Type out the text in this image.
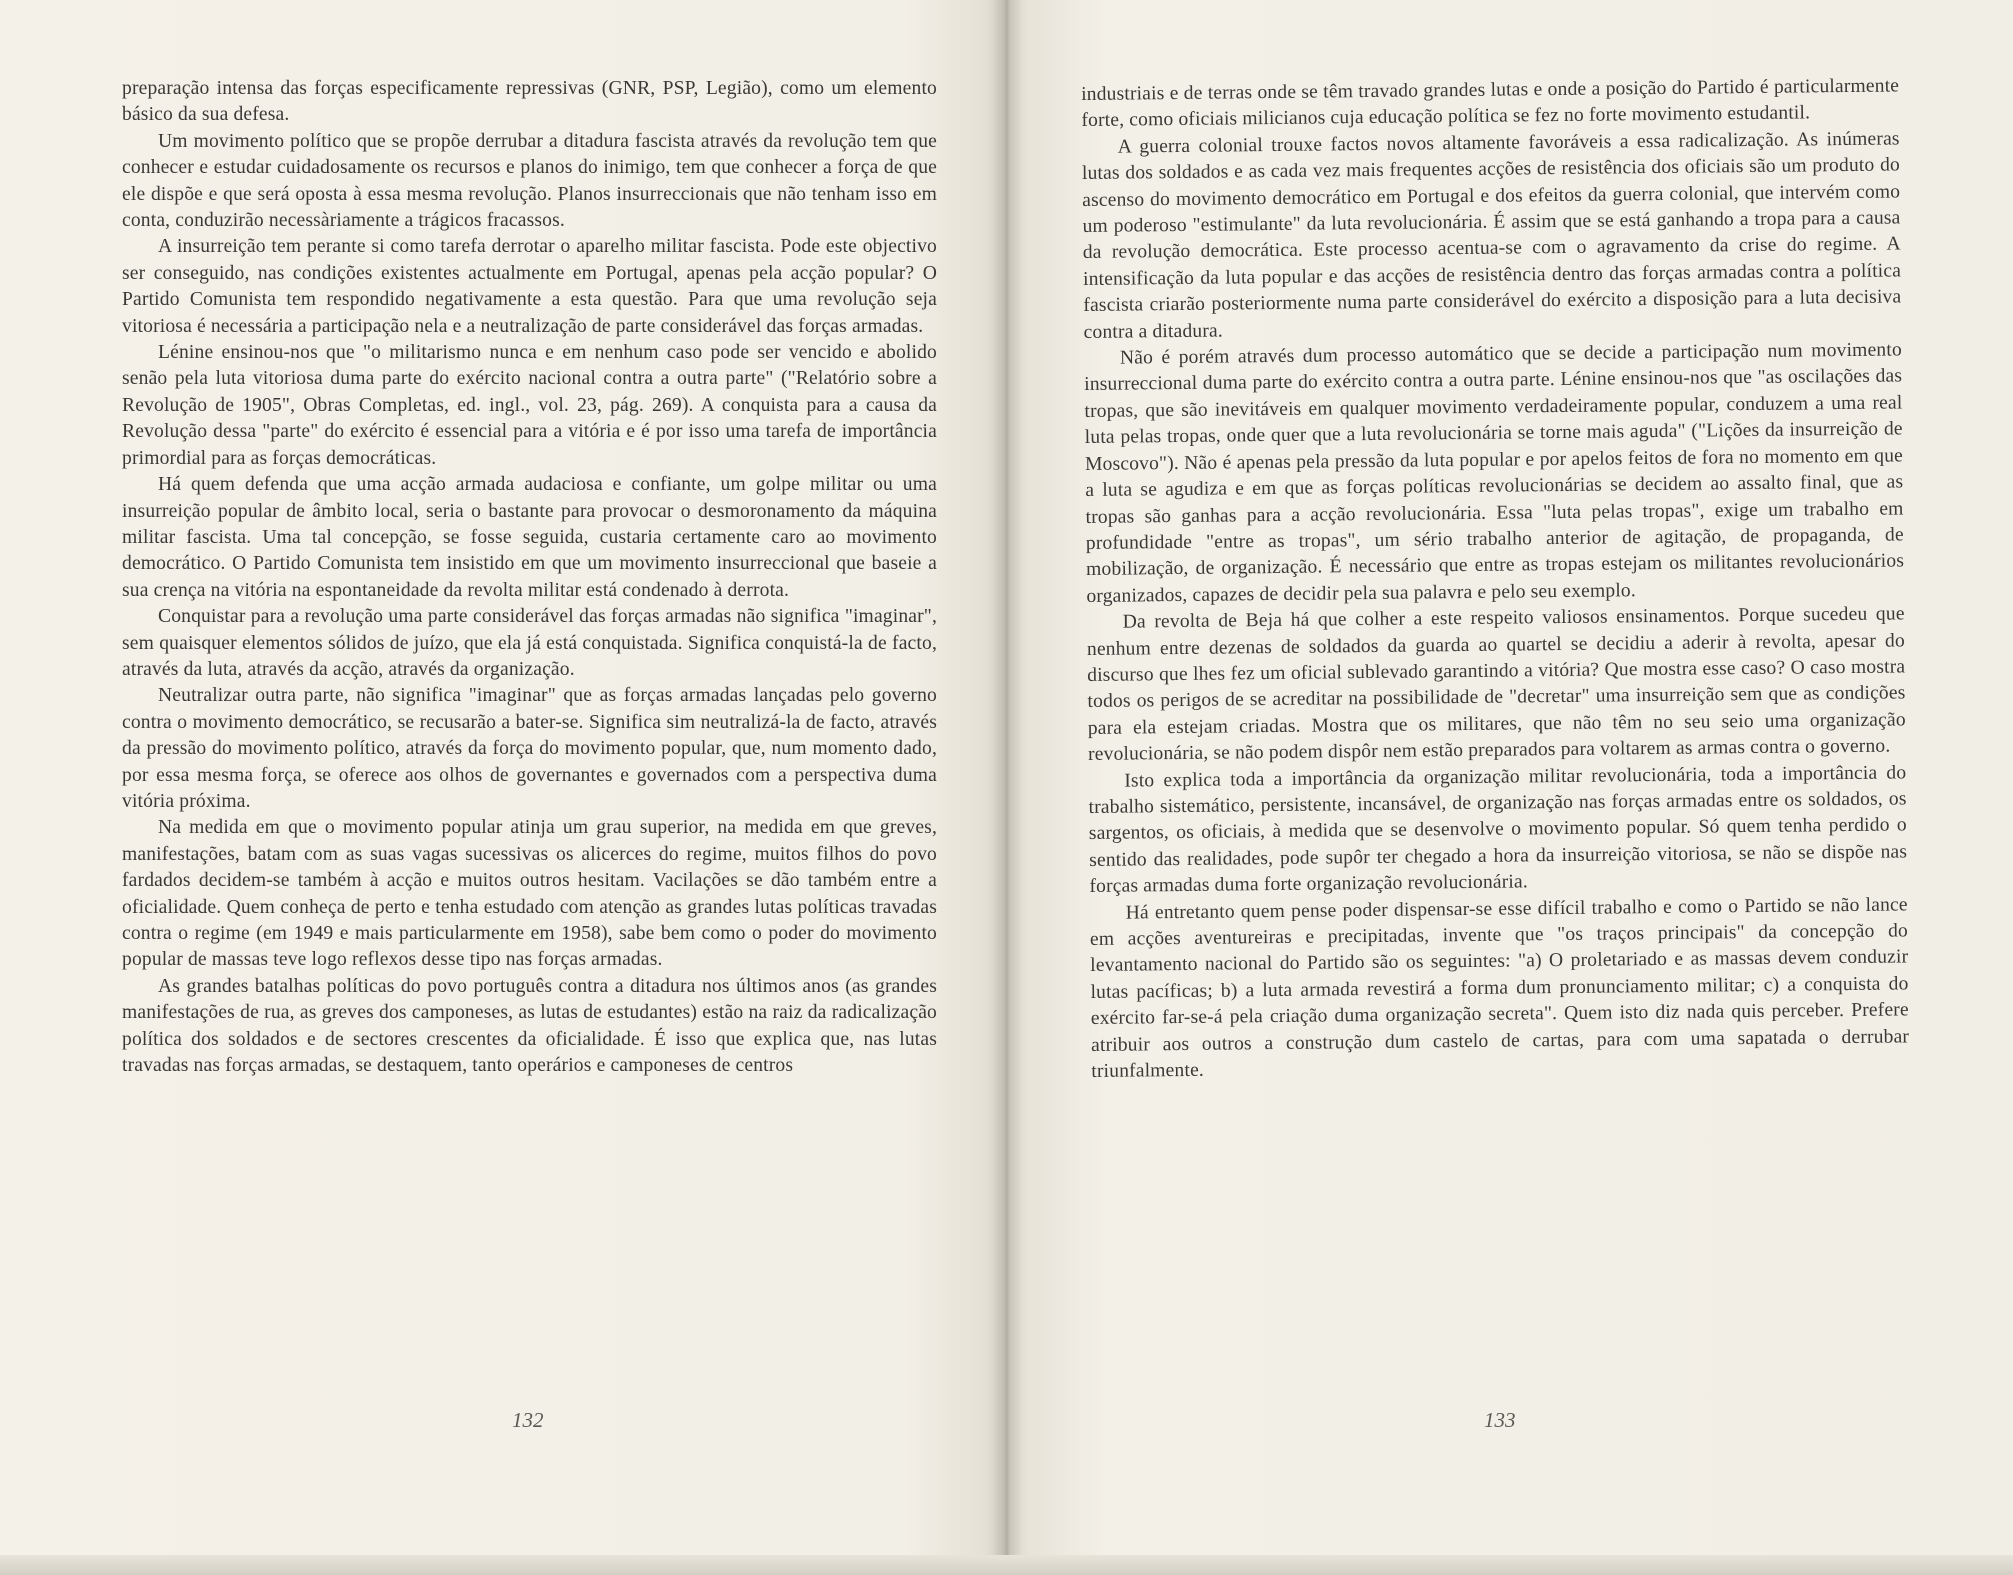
preparação intensa das forças especificamente repressivas (GNR, PSP, Legião), como um elemento básico da sua defesa.

Um movimento político que se propõe derrubar a ditadura fascista através da revolução tem que conhecer e estudar cuidadosamente os recursos e planos do inimigo, tem que conhecer a força de que ele dispõe e que será oposta à essa mesma revolução. Planos insurreccionais que não tenham isso em conta, conduzirão necessàriamente a trágicos fracassos.

A insurreição tem perante si como tarefa derrotar o aparelho militar fascista. Pode este objectivo ser conseguido, nas condições existentes actualmente em Portugal, apenas pela acção popular? O Partido Comunista tem respondido negativamente a esta questão. Para que uma revolução seja vitoriosa é necessária a participação nela e a neutralização de parte considerável das forças armadas.

Lénine ensinou-nos que "o militarismo nunca e em nenhum caso pode ser vencido e abolido senão pela luta vitoriosa duma parte do exército nacional contra a outra parte" ("Relatório sobre a Revolução de 1905", Obras Completas, ed. ingl., vol. 23, pág. 269). A conquista para a causa da Revolução dessa "parte" do exército é essencial para a vitória e é por isso uma tarefa de importância primordial para as forças democráticas.

Há quem defenda que uma acção armada audaciosa e confiante, um golpe militar ou uma insurreição popular de âmbito local, seria o bastante para provocar o desmoronamento da máquina militar fascista. Uma tal concepção, se fosse seguida, custaria certamente caro ao movimento democrático. O Partido Comunista tem insistido em que um movimento insurreccional que baseie a sua crença na vitória na espontaneidade da revolta militar está condenado à derrota.

Conquistar para a revolução uma parte considerável das forças armadas não significa "imaginar", sem quaisquer elementos sólidos de juízo, que ela já está conquistada. Significa conquistá-la de facto, através da luta, através da acção, através da organização.

Neutralizar outra parte, não significa "imaginar" que as forças armadas lançadas pelo governo contra o movimento democrático, se recusarão a bater-se. Significa sim neutralizá-la de facto, através da pressão do movimento político, através da força do movimento popular, que, num momento dado, por essa mesma força, se oferece aos olhos de governantes e governados com a perspectiva duma vitória próxima.

Na medida em que o movimento popular atinja um grau superior, na medida em que greves, manifestações, batam com as suas vagas sucessivas os alicerces do regime, muitos filhos do povo fardados decidem-se também à acção e muitos outros hesitam. Vacilações se dão também entre a oficialidade. Quem conheça de perto e tenha estudado com atenção as grandes lutas políticas travadas contra o regime (em 1949 e mais particularmente em 1958), sabe bem como o poder do movimento popular de massas teve logo reflexos desse tipo nas forças armadas.

As grandes batalhas políticas do povo português contra a ditadura nos últimos anos (as grandes manifestações de rua, as greves dos camponeses, as lutas de estudantes) estão na raiz da radicalização política dos soldados e de sectores crescentes da oficialidade. É isso que explica que, nas lutas travadas nas forças armadas, se destaquem, tanto operários e camponeses de centros

132

industriais e de terras onde se têm travado grandes lutas e onde a posição do Partido é particularmente forte, como oficiais milicianos cuja educação política se fez no forte movimento estudantil.

A guerra colonial trouxe factos novos altamente favoráveis a essa radicalização. As inúmeras lutas dos soldados e as cada vez mais frequentes acções de resistência dos oficiais são um produto do ascenso do movimento democrático em Portugal e dos efeitos da guerra colonial, que intervém como um poderoso "estimulante" da luta revolucionária. É assim que se está ganhando a tropa para a causa da revolução democrática. Este processo acentua-se com o agravamento da crise do regime. A intensificação da luta popular e das acções de resistência dentro das forças armadas contra a política fascista criarão posteriormente numa parte considerável do exército a disposição para a luta decisiva contra a ditadura.

Não é porém através dum processo automático que se decide a participação num movimento insurreccional duma parte do exército contra a outra parte. Lénine ensinou-nos que "as oscilações das tropas, que são inevitáveis em qualquer movimento verdadeiramente popular, conduzem a uma real luta pelas tropas, onde quer que a luta revolucionária se torne mais aguda" ("Lições da insurreição de Moscovo"). Não é apenas pela pressão da luta popular e por apelos feitos de fora no momento em que a luta se agudiza e em que as forças políticas revolucionárias se decidem ao assalto final, que as tropas são ganhas para a acção revolucionária. Essa "luta pelas tropas", exige um trabalho em profundidade "entre as tropas", um sério trabalho anterior de agitação, de propaganda, de mobilização, de organização. É necessário que entre as tropas estejam os militantes revolucionários organizados, capazes de decidir pela sua palavra e pelo seu exemplo.

Da revolta de Beja há que colher a este respeito valiosos ensinamentos. Porque sucedeu que nenhum entre dezenas de soldados da guarda ao quartel se decidiu a aderir à revolta, apesar do discurso que lhes fez um oficial sublevado garantindo a vitória? Que mostra esse caso? O caso mostra todos os perigos de se acreditar na possibilidade de "decretar" uma insurreição sem que as condições para ela estejam criadas. Mostra que os militares, que não têm no seu seio uma organização revolucionária, se não podem dispôr nem estão preparados para voltarem as armas contra o governo.

Isto explica toda a importância da organização militar revolucionária, toda a importância do trabalho sistemático, persistente, incansável, de organização nas forças armadas entre os soldados, os sargentos, os oficiais, à medida que se desenvolve o movimento popular. Só quem tenha perdido o sentido das realidades, pode supôr ter chegado a hora da insurreição vitoriosa, se não se dispõe nas forças armadas duma forte organização revolucionária.

Há entretanto quem pense poder dispensar-se esse difícil trabalho e como o Partido se não lance em acções aventureiras e precipitadas, invente que "os traços principais" da concepção do levantamento nacional do Partido são os seguintes: "a) O proletariado e as massas devem conduzir lutas pacíficas; b) a luta armada revestirá a forma dum pronunciamento militar; c) a conquista do exército far-se-á pela criação duma organização secreta". Quem isto diz nada quis perceber. Prefere atribuir aos outros a construção dum castelo de cartas, para com uma sapatada o derrubar triunfalmente.

133
